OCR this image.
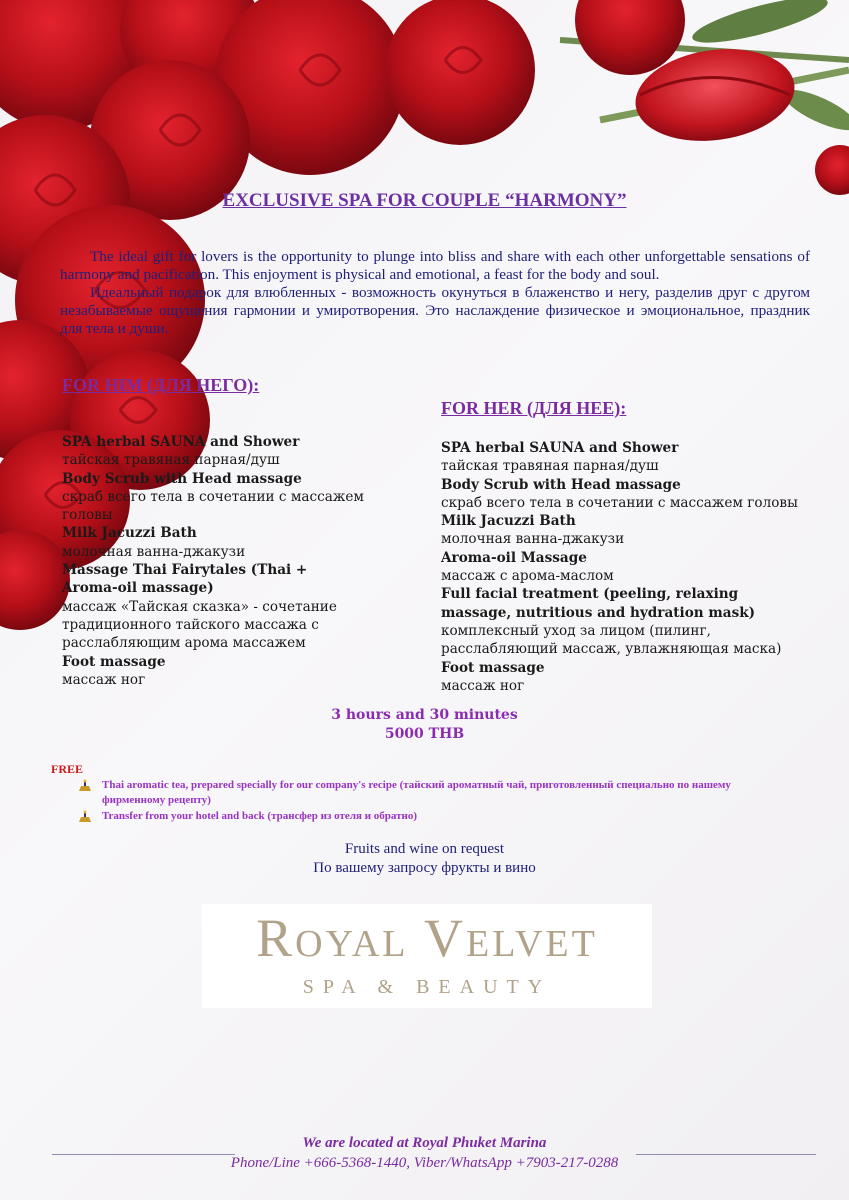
EXCLUSIVE SPA FOR COUPLE “HARMONY”

The ideal gift for lovers is the opportunity to plunge into bliss and share with each other unforgettable sensations of harmony and pacification. This enjoyment is physical and emotional, a feast for the body and soul.

Идеальный подарок для влюбленных - возможность окунуться в блаженство и негу, разделив друг с другом незабываемые ощущения гармонии и умиротворения. Это наслаждение физическое и эмоциональное, праздник для тела и души.

FOR HIM (ДЛЯ НЕГО):
SPA herbal SAUNA and Shower
тайская травяная парная/душ
Body Scrub with Head massage
скраб всего тела в сочетании с массажем головы
Milk Jacuzzi Bath
молочная ванна-джакузи
Massage Thai Fairytales (Thai + Aroma-oil massage)
массаж «Тайская сказка» - сочетание традиционного тайского массажа с расслабляющим арома массажем
Foot massage
массаж ног
FOR HER (ДЛЯ НЕЕ):
SPA herbal SAUNA and Shower
тайская травяная парная/душ
Body Scrub with Head massage
скраб всего тела в сочетании с массажем головы
Milk Jacuzzi Bath
молочная ванна-джакузи
Aroma-oil Massage
массаж с арома-маслом
Full facial treatment (peeling, relaxing massage, nutritious and hydration mask)
комплексный уход за лицом (пилинг, расслабляющий массаж, увлажняющая маска)
Foot massage
массаж ног
3 hours and 30 minutes
5000 THB
FREE
Thai aromatic tea, prepared specially for our company's recipe (тайский ароматный чай, приготовленный специально по нашему фирменному рецепту)
Transfer from your hotel and back (трансфер из отеля и обратно)
Fruits and wine on request
По вашему запросу фрукты и вино
Royal Velvet
SPA & BEAUTY
We are located at Royal Phuket Marina
Phone/Line +666-5368-1440, Viber/WhatsApp +7903-217-0288
